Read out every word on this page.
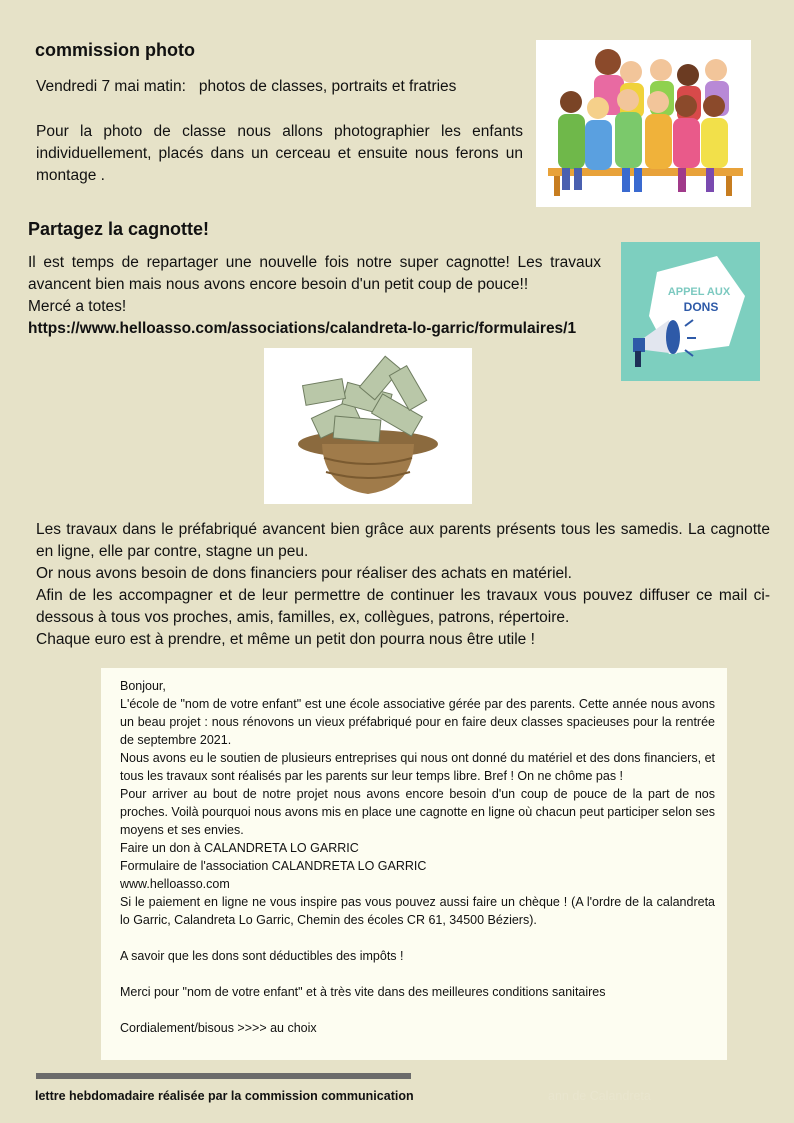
commission photo
Vendredi 7 mai matin:   photos de classes, portraits et fratries
Pour la photo de classe nous allons photographier les enfants individuellement, placés dans un cerceau et ensuite nous ferons un montage .
Partagez la cagnotte!
Il est temps de repartager une nouvelle fois notre super cagnotte! Les travaux avancent bien mais nous avons encore besoin d'un petit coup de pouce!!
Mercé a totes!
https://www.helloasso.com/associations/calandreta-lo-garric/formulaires/1
APPEL AUX
DONS
Les travaux dans le préfabriqué avancent bien grâce aux parents présents tous les samedis. La cagnotte en ligne, elle par contre, stagne un peu.
Or nous avons besoin de dons financiers pour réaliser des achats en matériel.
Afin de les accompagner et de leur permettre de continuer les travaux vous pouvez diffuser ce mail ci-dessous à tous vos proches, amis, familles, ex, collègues, patrons, répertoire.
Chaque euro est à prendre, et même un petit don pourra nous être utile !
Bonjour,
L'école de "nom de votre enfant" est une école associative gérée par des parents. Cette année nous avons un beau projet : nous rénovons un vieux préfabriqué pour en faire deux classes spacieuses pour la rentrée de septembre 2021.
Nous avons eu le soutien de plusieurs entreprises qui nous ont donné du matériel et des dons financiers, et tous les travaux sont réalisés par les parents sur leur temps libre. Bref ! On ne chôme pas !
Pour arriver au bout de notre projet nous avons encore besoin d'un coup de pouce de la part de nos proches. Voilà pourquoi nous avons mis en place une cagnotte en ligne où chacun peut participer selon ses moyens et ses envies.
Faire un don à CALANDRETA LO GARRIC
Formulaire de l'association CALANDRETA LO GARRIC
www.helloasso.com
Si le paiement en ligne ne vous inspire pas vous pouvez aussi faire un chèque ! (A l'ordre de la calandreta lo Garric, Calandreta Lo Garric, Chemin des écoles CR 61, 34500 Béziers).
A savoir que les dons sont déductibles des impôts !
Merci pour "nom de votre enfant" et à très vite dans des meilleures conditions sanitaires
Cordialement/bisous >>>> au choix
lettre hebdomadaire réalisée par la commission communication	ann de Calandreta
